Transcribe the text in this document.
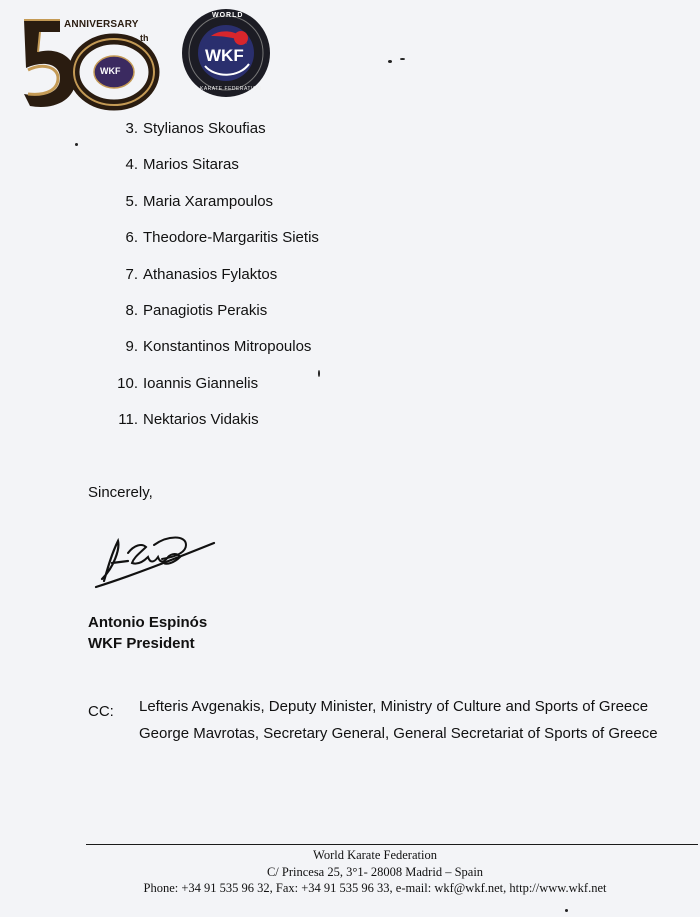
ANNIVERSARY
th
WKF
WORLD
WKF
KARATE FEDERATION
3. Stylianos Skoufias
4. Marios Sitaras
5. Maria Xarampoulos
6. Theodore-Margaritis Sietis
7. Athanasios Fylaktos
8. Panagiotis Perakis
9. Konstantinos Mitropoulos
10. Ioannis Giannelis
11. Nektarios Vidakis
Sincerely,
Antonio Espinós
WKF President
CC: Lefteris Avgenakis, Deputy Minister, Ministry of Culture and Sports of Greece
George Mavrotas, Secretary General, General Secretariat of Sports of Greece
World Karate Federation
C/ Princesa 25, 3°1- 28008 Madrid – Spain
Phone: +34 91 535 96 32, Fax: +34 91 535 96 33, e-mail: wkf@wkf.net, http://www.wkf.net
